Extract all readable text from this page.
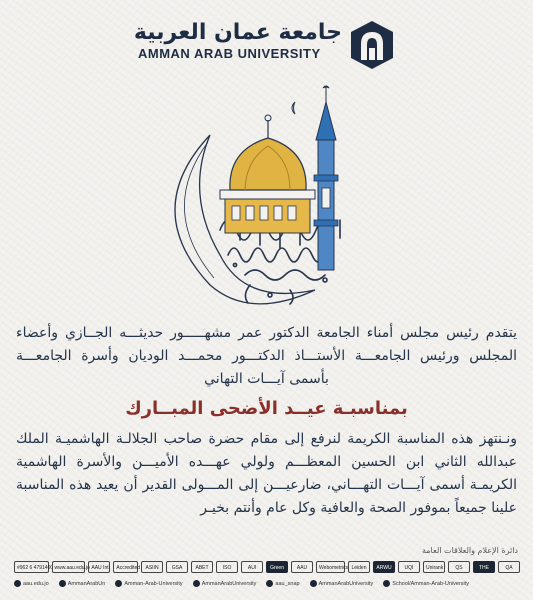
جامعة عمان العربية
AMMAN ARAB UNIVERSITY
يتقدم رئيس مجلس أمناء الجامعة الدكتور عمر مشهـــــور حديثـــه الجــازي وأعضاء المجلس ورئيس الجامعـــة الأستـــاذ الدكتـــور محمـــد الوديان وأسرة الجامعـــة بأسمى آيـــات التهاني
بمناسبـة عيــد الأضحى المبــارك
ونـنتهز هذه المناسبة الكريمة لنرفع إلى مقام حضرة صاحب الجلالـة الهاشميـة الملك عبدالله الثاني ابن الحسين المعظـــم ولولي عهـــده الأميـــن والأسرة الهاشمية الكريمـة أسمى آيـــات التهـــاني، ضارعيـــن إلى المـــولى القدير أن يعيد هذه المناسبة علينا جميعاً بموفور الصحة والعافية وكل عام وأنتم بخيـر
دائرة الإعلام والعلاقات العامة
#962 6 4791400 www.aau.edu.jo AAU Int	Accredited	ASIIN	GSA	ABET	ISO	AUI	Green	AAU	Webometrics Leiden	ARWU	UQI	Unirank	QS	THE	QA
aau.edu.jo	AmmanArabUn	Amman-Arab-University	AmmanArabUniversity	aau_snap	AmmanArabUniversity	School/Amman-Arab-University
